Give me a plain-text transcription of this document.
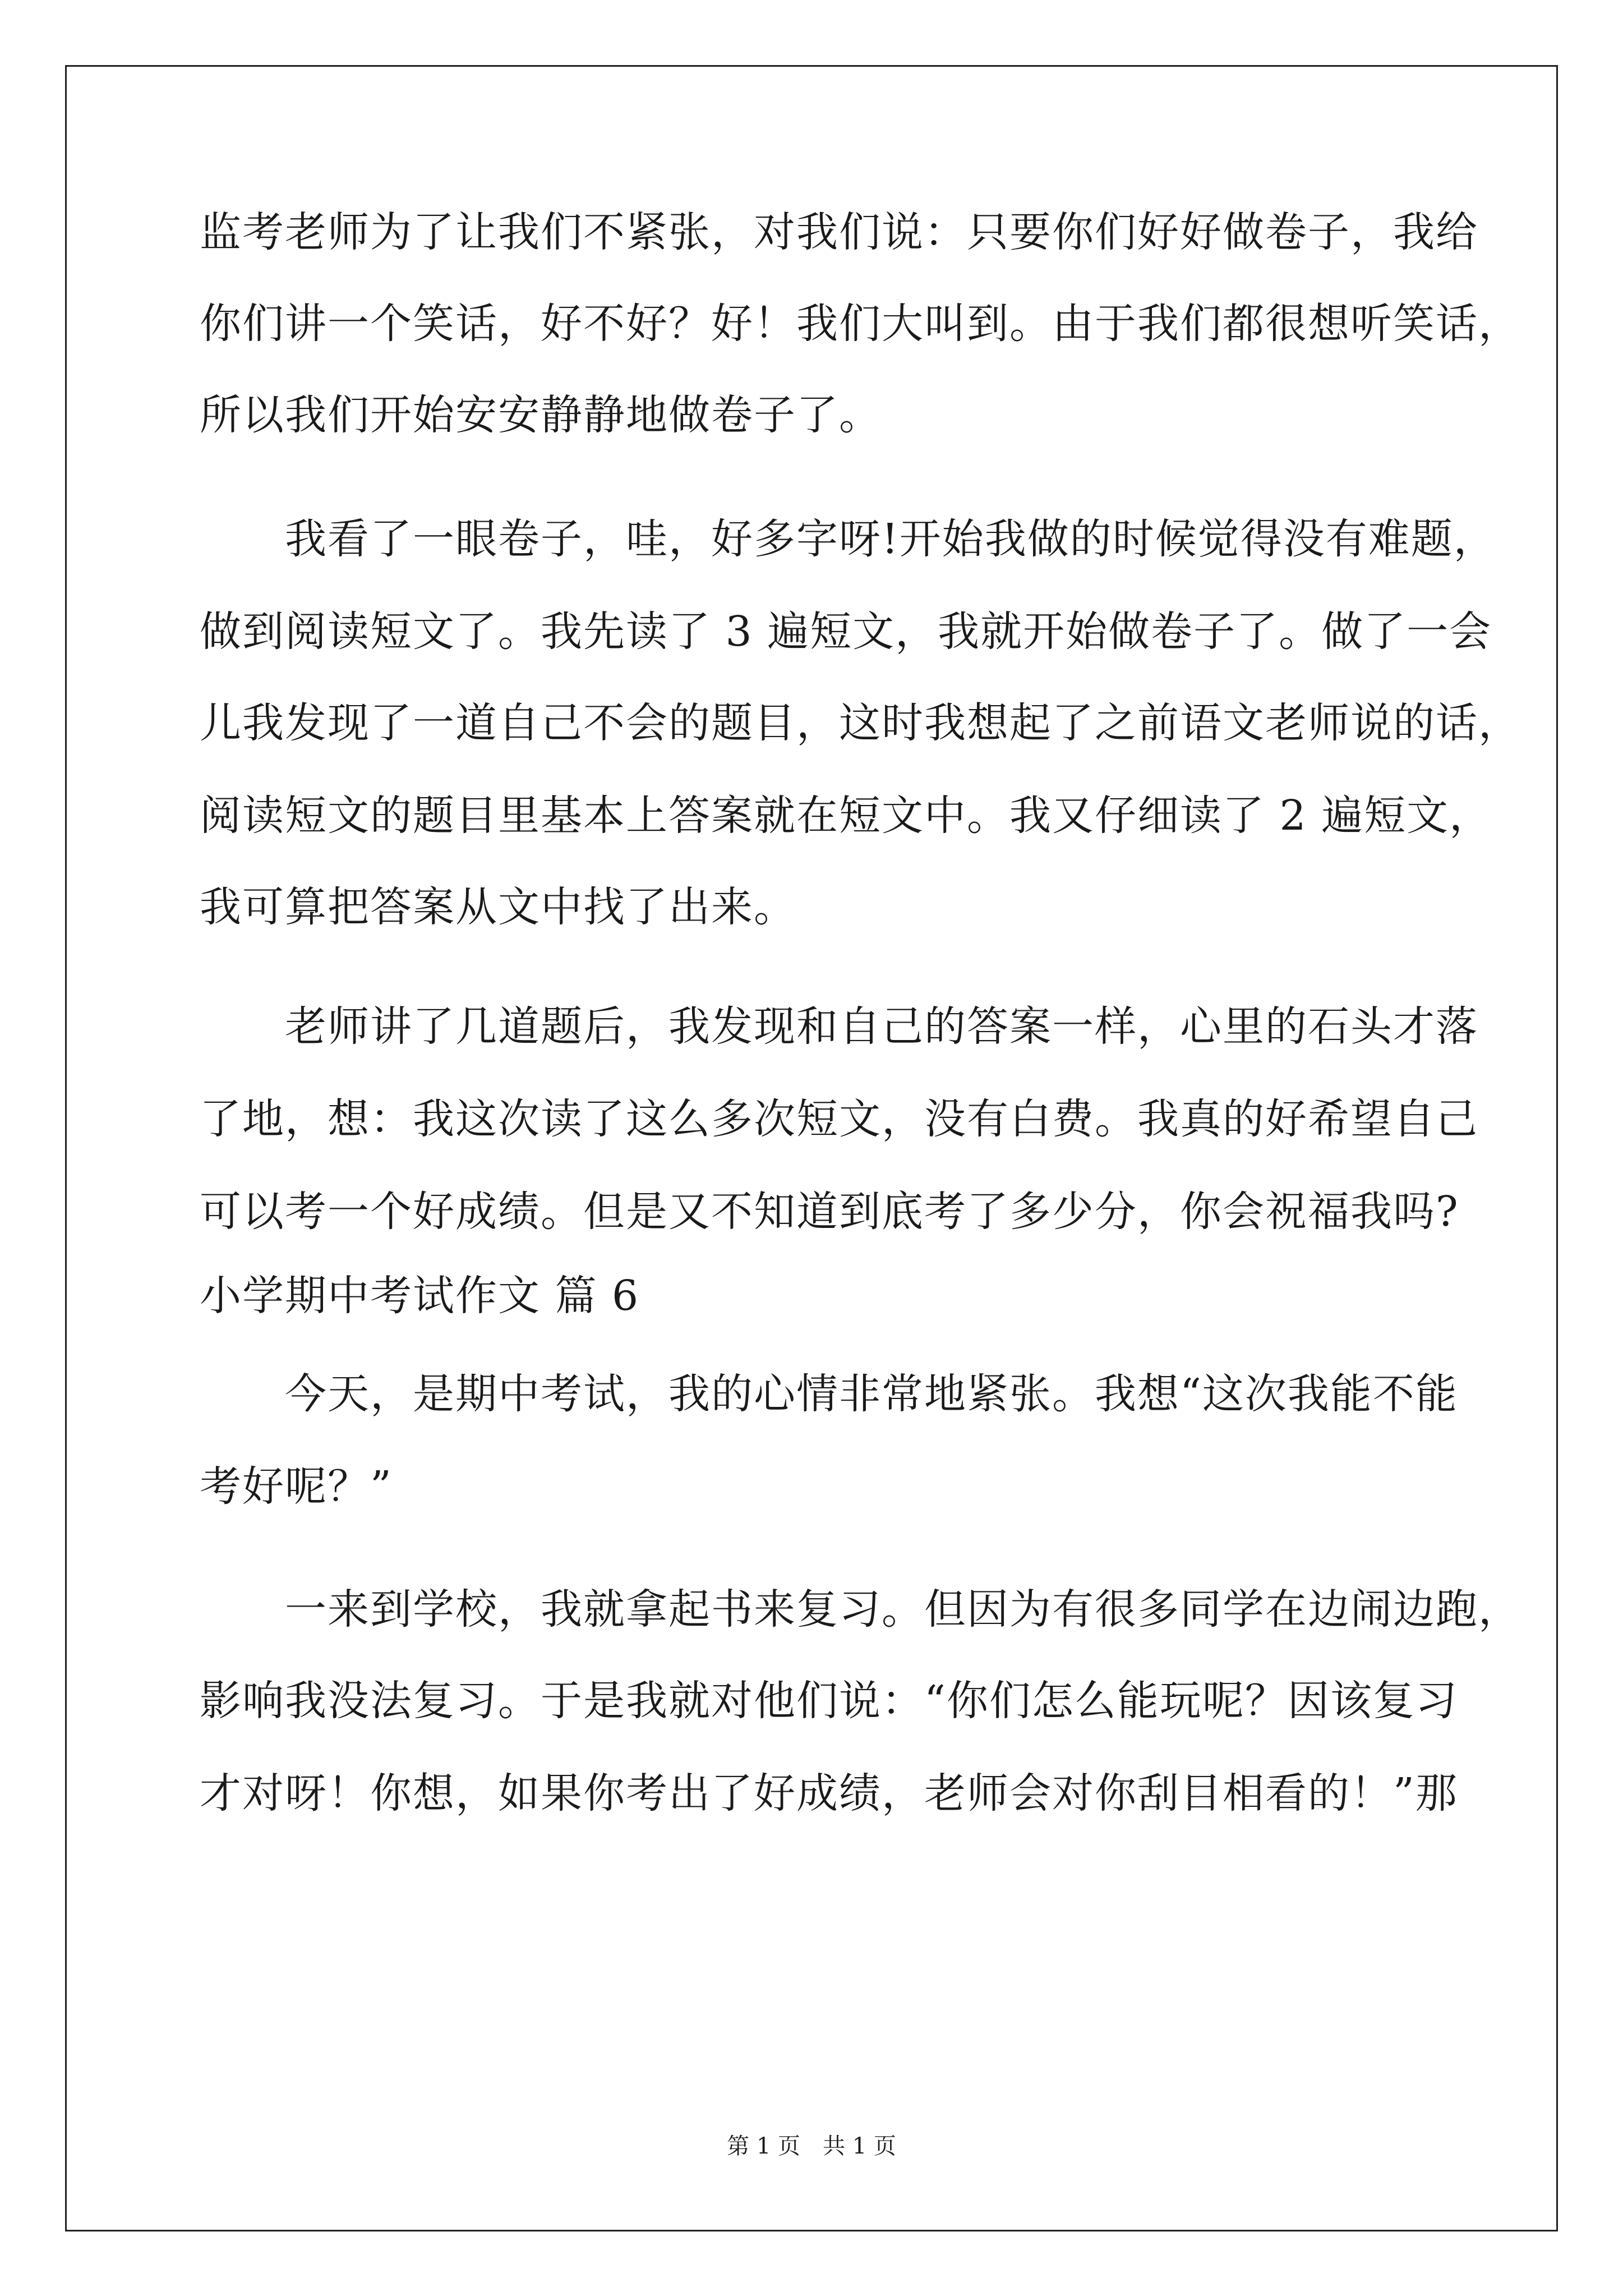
监考老师为了让我们不紧张，对我们说：只要你们好好做卷子，我给
你们讲一个笑话，好不好？好！我们大叫到。由于我们都很想听笑话，
所以我们开始安安静静地做卷子了。
　　我看了一眼卷子，哇，好多字呀!开始我做的时候觉得没有难题，
做到阅读短文了。我先读了 3 遍短文，我就开始做卷子了。做了一会
儿我发现了一道自己不会的题目，这时我想起了之前语文老师说的话，
阅读短文的题目里基本上答案就在短文中。我又仔细读了 2 遍短文，
我可算把答案从文中找了出来。
　　老师讲了几道题后，我发现和自己的答案一样，心里的石头才落
了地，想：我这次读了这么多次短文，没有白费。我真的好希望自己
可以考一个好成绩。但是又不知道到底考了多少分，你会祝福我吗?
小学期中考试作文 篇 6
　　今天，是期中考试，我的心情非常地紧张。我想“这次我能不能
考好呢？”
　　一来到学校，我就拿起书来复习。但因为有很多同学在边闹边跑，
影响我没法复习。于是我就对他们说：“你们怎么能玩呢？因该复习
才对呀！你想，如果你考出了好成绩，老师会对你刮目相看的！”那
第 1 页　共 1 页
